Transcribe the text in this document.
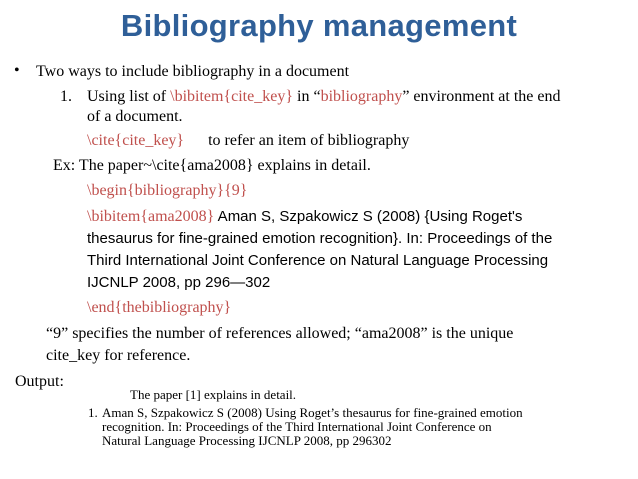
Bibliography management
• Two ways to include bibliography in a document
1. Using list of \bibitem{cite_key} in “bibliography” environment at the end
of a document.
\cite{cite_key} to refer an item of bibliography
Ex: The paper~\cite{ama2008} explains in detail.
\begin{bibliography}{9}
\bibitem{ama2008} Aman S, Szpakowicz S (2008) {Using Roget's
thesaurus for fine-grained emotion recognition}. In: Proceedings of the
Third International Joint Conference on Natural Language Processing
IJCNLP 2008, pp 296—302
\end{thebibliography}
“9” specifies the number of references allowed; “ama2008” is the unique
cite_key for reference.
Output:
The paper [1] explains in detail.
1. Aman S, Szpakowicz S (2008) Using Roget’s thesaurus for fine-grained emotion
recognition. In: Proceedings of the Third International Joint Conference on
Natural Language Processing IJCNLP 2008, pp 296302
